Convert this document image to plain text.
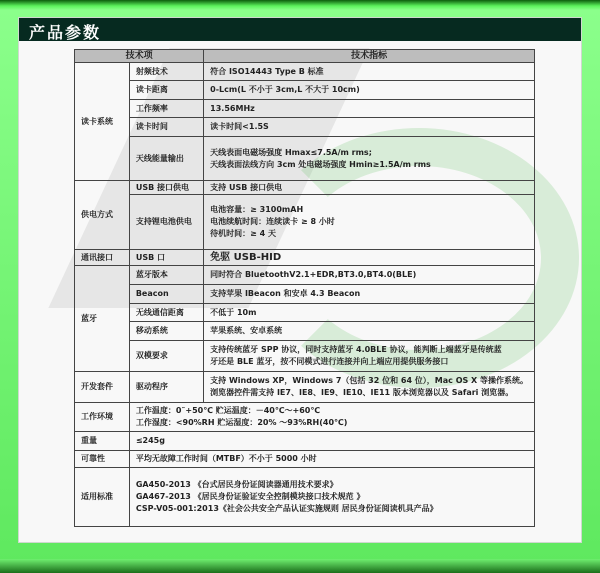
产品参数
技术项		技术指标
读卡系统	射频技术	符合 ISO14443 Type B 标准

	读卡距离	0-Lcm(L 不小于 3cm,L 不大于 10cm)

	工作频率	13.56MHz

	读卡时间	读卡时间<1.5S

	天线能量输出	天线表面电磁场强度 Hmax≤7.5A/m rms;
天线表面法线方向 3cm 处电磁场强度 Hmin≥1.5A/m rms

供电方式	USB 接口供电	支持 USB 接口供电

	支持锂电池供电	电池容量：≥ 3100mAH
电池续航时间：连续读卡 ≥ 8 小时
待机时间：≥ 4 天

通讯接口	USB 口	免驱 USB-HID
蓝牙	蓝牙版本	同时符合 BluetoothV2.1+EDR,BT3.0,BT4.0(BLE)

	Beacon	支持苹果 IBeacon 和安卓 4.3 Beacon

	无线通信距离	不低于 10m

	移动系统	苹果系统、安卓系统

	双模要求	支持传统蓝牙 SPP 协议，同时支持蓝牙 4.0BLE 协议，能判断上端蓝牙是传统蓝
牙还是 BLE 蓝牙，按不同模式进行连接并向上端应用提供服务接口

开发套件	驱动程序	支持 Windows XP，Windows 7（包括 32 位和 64 位），Mac OS X 等操作系统。
浏览器控件需支持 IE7、IE8、IE9、IE10、IE11 版本浏览器以及 Safari 浏览器。

工作环境	工作温度：0˜+50℃ 贮运温度：－40℃～+60℃
工作湿度：<90%RH 贮运湿度：20% ～93%RH(40℃)	

重量	≤245g	
可靠性	平均无故障工作时间（MTBF）不小于 5000 小时	
适用标准	GA450-2013 《台式居民身份证阅读器通用技术要求》
GA467-2013 《居民身份证验证安全控制模块接口技术规范 》
CSP-V05-001:2013《社会公共安全产品认证实施规则 居民身份证阅读机具产品》	
